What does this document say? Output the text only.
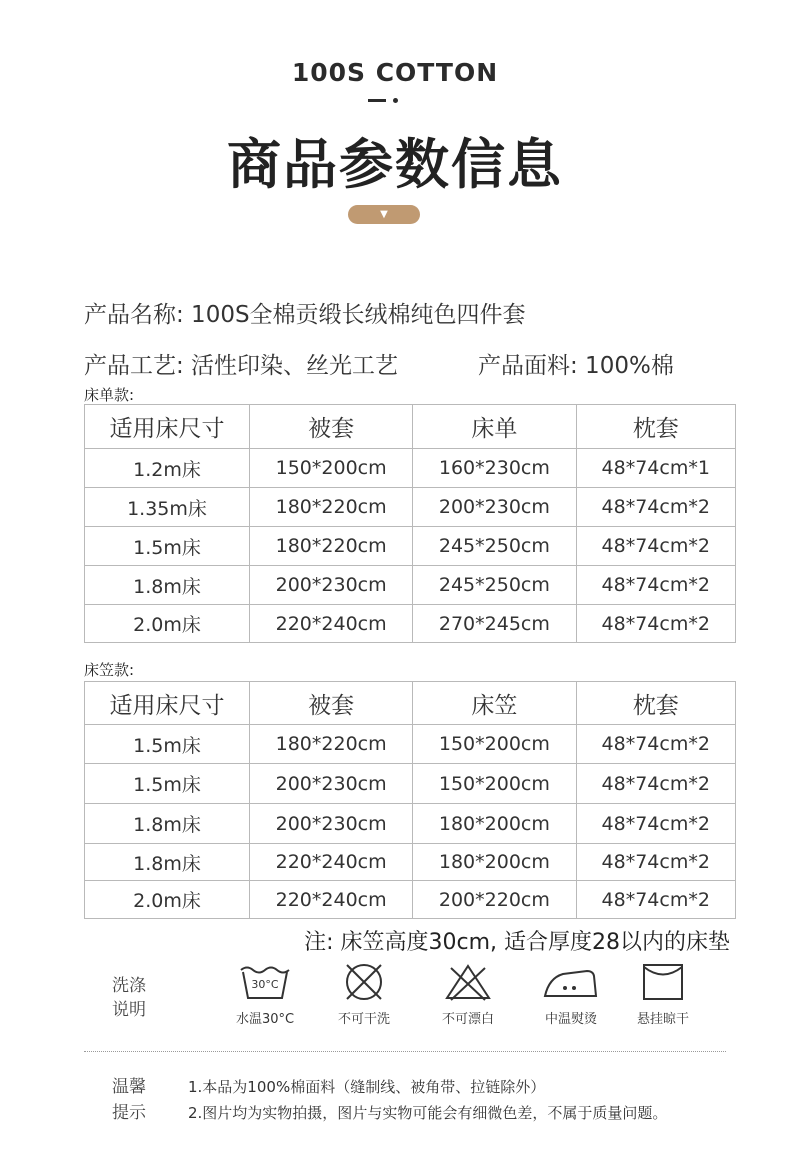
100S COTTON
商品参数信息
▼
产品名称: 100S全棉贡缎长绒棉纯色四件套
产品工艺: 活性印染、丝光工艺	产品面料: 100%棉
床单款:
适用床尺寸	被套	床单	枕套
1.2m床	150*200cm	160*230cm	48*74cm*1
1.35m床	180*220cm	200*230cm	48*74cm*2
1.5m床	180*220cm	245*250cm	48*74cm*2
1.8m床	200*230cm	245*250cm	48*74cm*2
2.0m床	220*240cm	270*245cm	48*74cm*2
床笠款:
适用床尺寸	被套	床笠	枕套
1.5m床	180*220cm	150*200cm	48*74cm*2
1.5m床	200*230cm	150*200cm	48*74cm*2
1.8m床	200*230cm	180*200cm	48*74cm*2
1.8m床	220*240cm	180*200cm	48*74cm*2
2.0m床	220*240cm	200*220cm	48*74cm*2
注: 床笠高度30cm, 适合厚度28以内的床垫
洗涤
说明
30°C
水温30°C	不可干洗	不可漂白	中温熨烫	悬挂晾干
温馨
提示
1.本品为100%棉面料（缝制线、被角带、拉链除外）
2.图片均为实物拍摄，图片与实物可能会有细微色差，不属于质量问题。
